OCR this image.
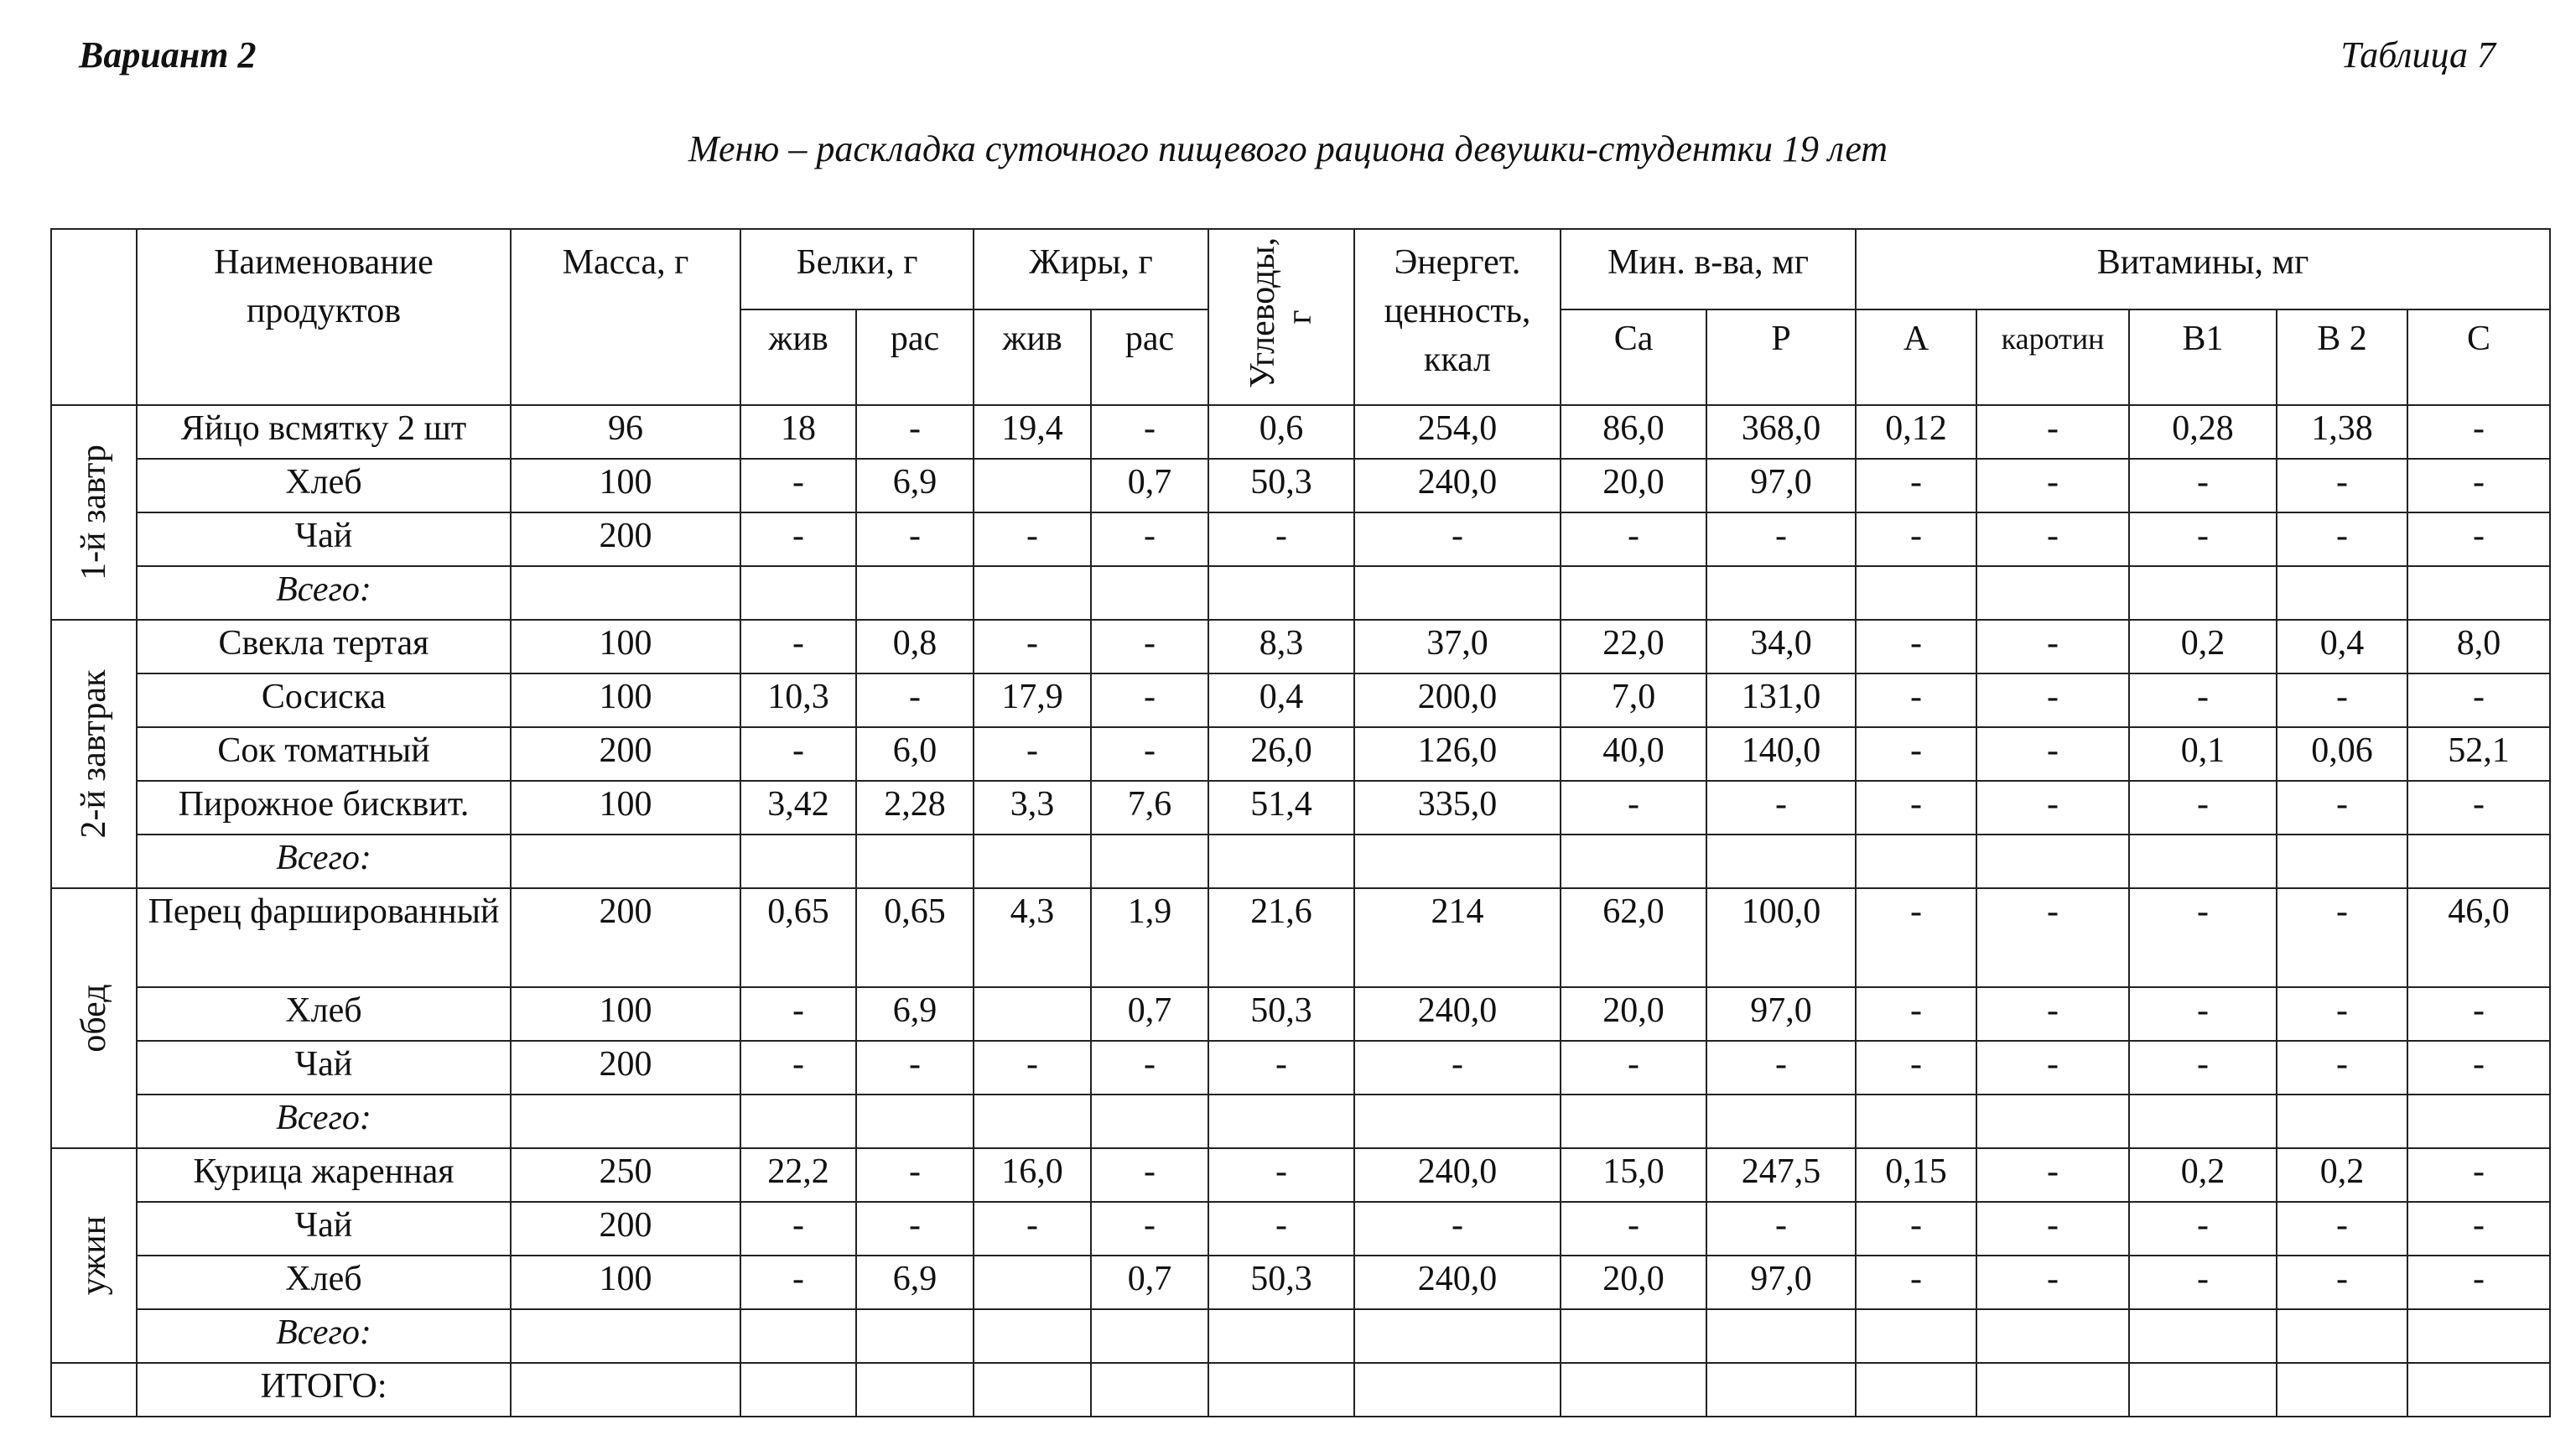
Вариант 2	Таблица 7
Меню – раскладка суточного пищевого рациона девушки-студентки 19 лет
	Наименование продуктов	Масса, г	Белки, г		Жиры, г		Углеводы, г	Энергет. ценность, ккал	Мин. в-ва, мг		Витамины, мг				
			жив	рас	жив	рас			Са	Р	А	каротин	В1	В 2	С

1-й завтр	Яйцо всмятку 2 шт	96	18	-	19,4	-	0,6	254,0	86,0	368,0	0,12	-	0,28	1,38	-
	Хлеб	100	-	6,9		0,7	50,3	240,0	20,0	97,0	-	-	-	-	-
	Чай	200	-	-	-	-	-	-	-	-	-	-	-	-	-
	Всего:														

2-й завтрак	Свекла тертая	100	-	0,8	-	-	8,3	37,0	22,0	34,0	-	-	0,2	0,4	8,0
	Сосиска	100	10,3	-	17,9	-	0,4	200,0	7,0	131,0	-	-	-	-	-
	Сок томатный	200	-	6,0	-	-	26,0	126,0	40,0	140,0	-	-	0,1	0,06	52,1
	Пирожное бисквит.	100	3,42	2,28	3,3	7,6	51,4	335,0	-	-	-	-	-	-	-
	Всего:														

обед	Перец фаршированный	200	0,65	0,65	4,3	1,9	21,6	214	62,0	100,0	-	-	-	-	46,0
	Хлеб	100	-	6,9		0,7	50,3	240,0	20,0	97,0	-	-	-	-	-
	Чай	200	-	-	-	-	-	-	-	-	-	-	-	-	-
	Всего:														

ужин	Курица жаренная	250	22,2	-	16,0	-	-	240,0	15,0	247,5	0,15	-	0,2	0,2	-
	Чай	200	-	-	-	-	-	-	-	-	-	-	-	-	-
	Хлеб	100	-	6,9		0,7	50,3	240,0	20,0	97,0	-	-	-	-	-
	Всего:														
	ИТОГО:														
